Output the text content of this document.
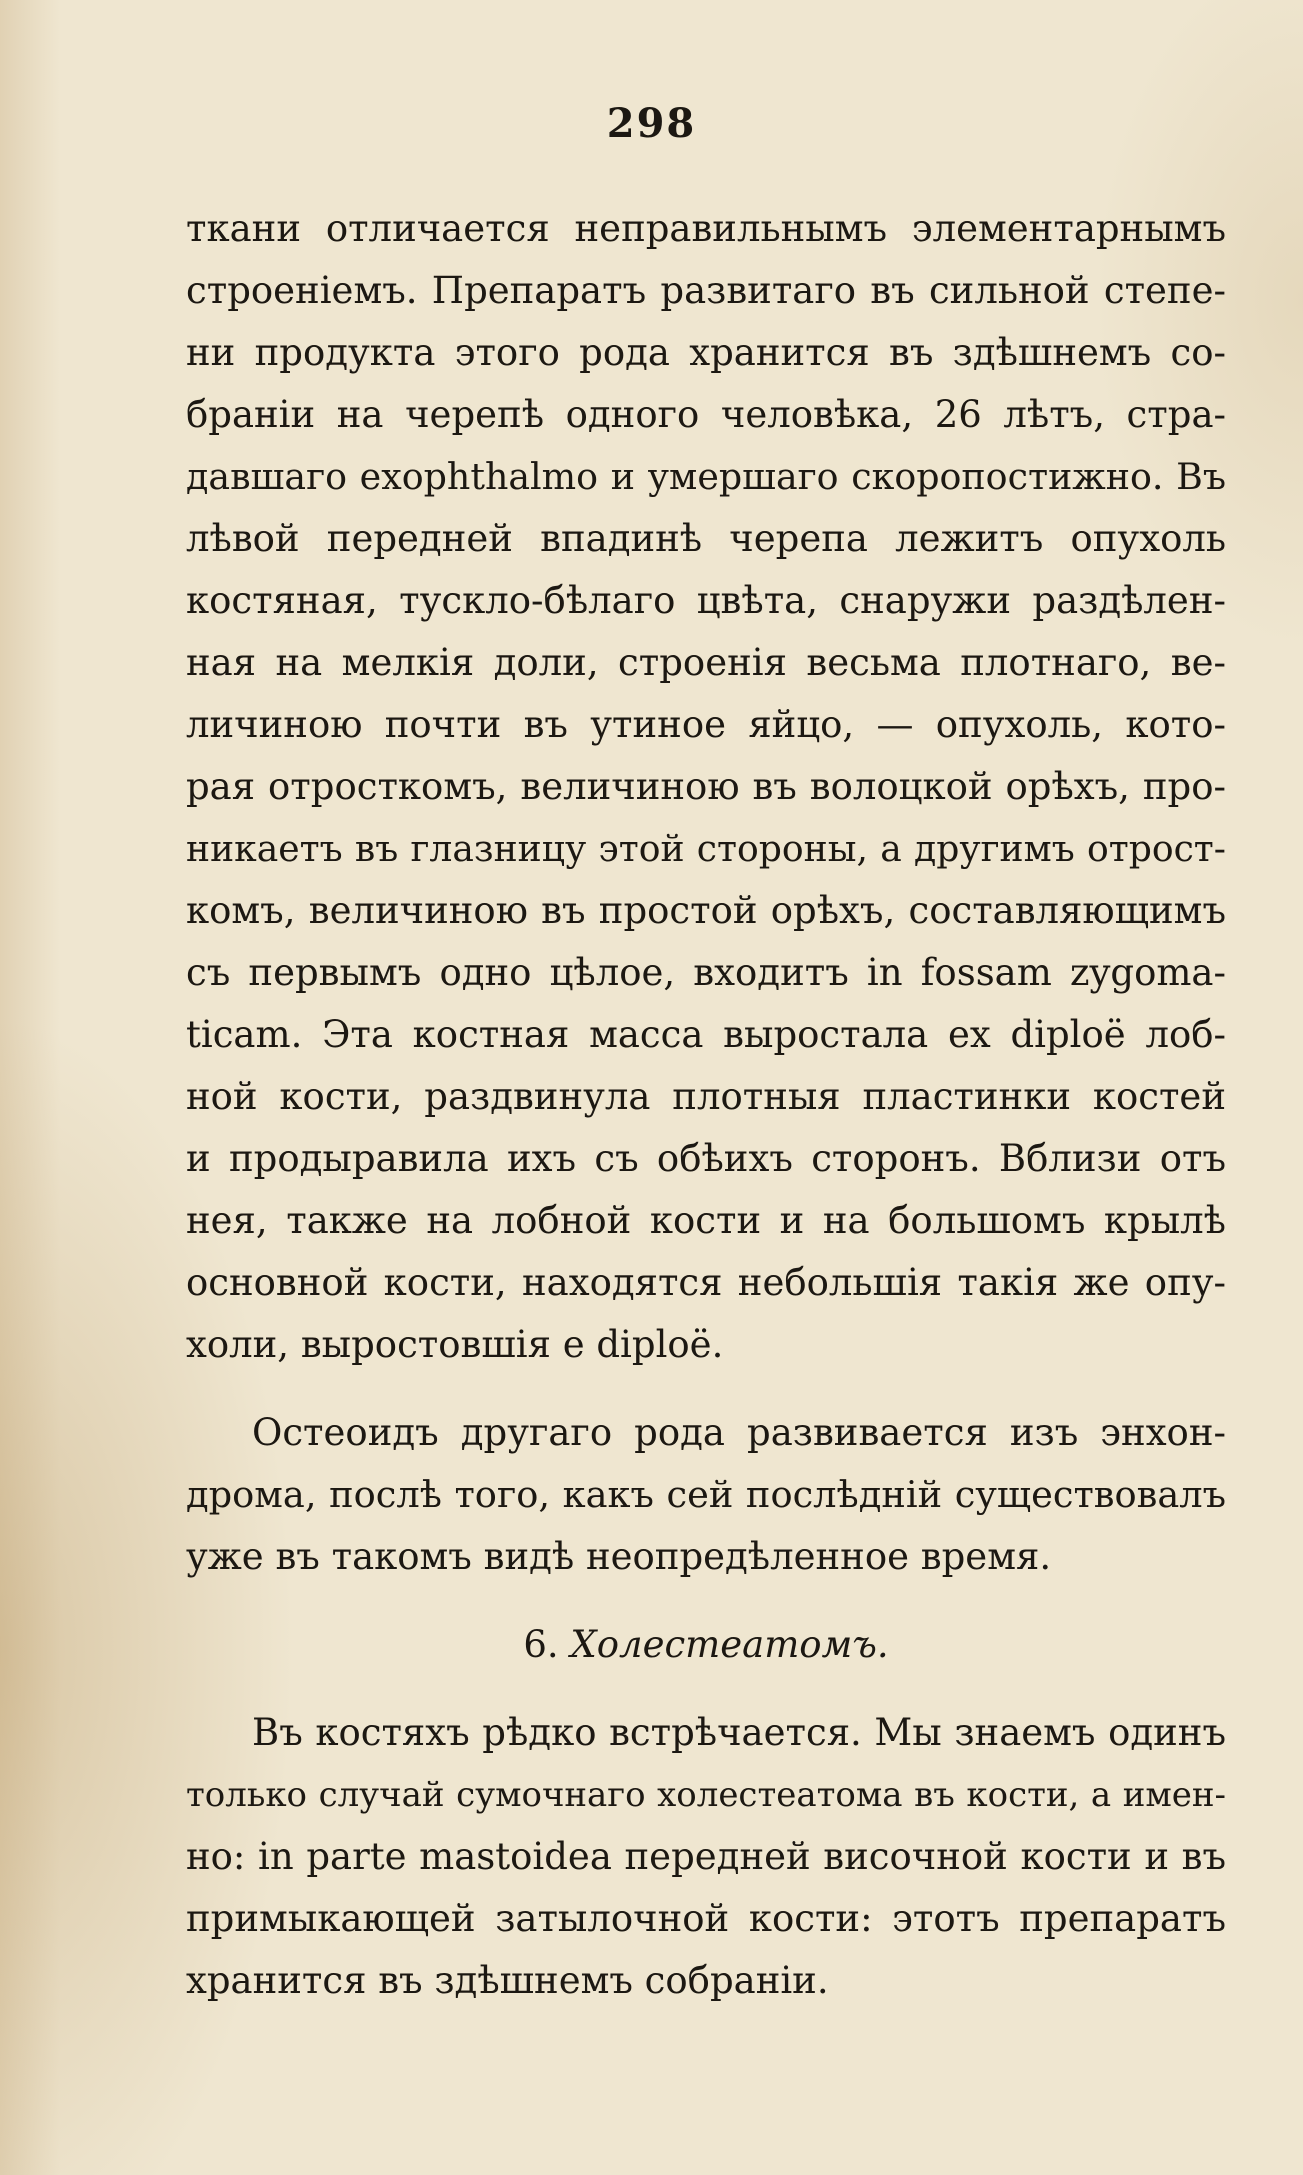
298
ткани отличается неправильнымъ элементарнымъ
строеніемъ. Препаратъ развитаго въ сильной степе-
ни продукта этого рода хранится въ здѣшнемъ со-
браніи на черепѣ одного человѣка, 26 лѣтъ, стра-
давшаго exophthalmo и умершаго скоропостижно. Въ
лѣвой передней впадинѣ черепа лежитъ опухоль
костяная, тускло-бѣлаго цвѣта, снаружи раздѣлен-
ная на мелкія доли, строенія весьма плотнаго, ве-
личиною почти въ утиное яйцо, — опухоль, кото-
рая отросткомъ, величиною въ волоцкой орѣхъ, про-
никаетъ въ глазницу этой стороны, а другимъ отрост-
комъ, величиною въ простой орѣхъ, составляющимъ
съ первымъ одно цѣлое, входитъ in fossam zygoma-
ticam. Эта костная масса выростала ex diploë лоб-
ной кости, раздвинула плотныя пластинки костей
и продыравила ихъ съ обѣихъ сторонъ. Вблизи отъ
нея, также на лобной кости и на большомъ крылѣ
основной кости, находятся небольшія такія же опу-
холи, выростовшія е diploë.
Остеоидъ другаго рода развивается изъ энхон-
дрома, послѣ того, какъ сей послѣдній существовалъ
уже въ такомъ видѣ неопредѣленное время.
6. Холестеатомъ.
Въ костяхъ рѣдко встрѣчается. Мы знаемъ одинъ
только случай сумочнаго холестеатома въ кости, а имен-
но: in parte mastoidea передней височной кости и въ
примыкающей затылочной кости: этотъ препаратъ
хранится въ здѣшнемъ собраніи.
